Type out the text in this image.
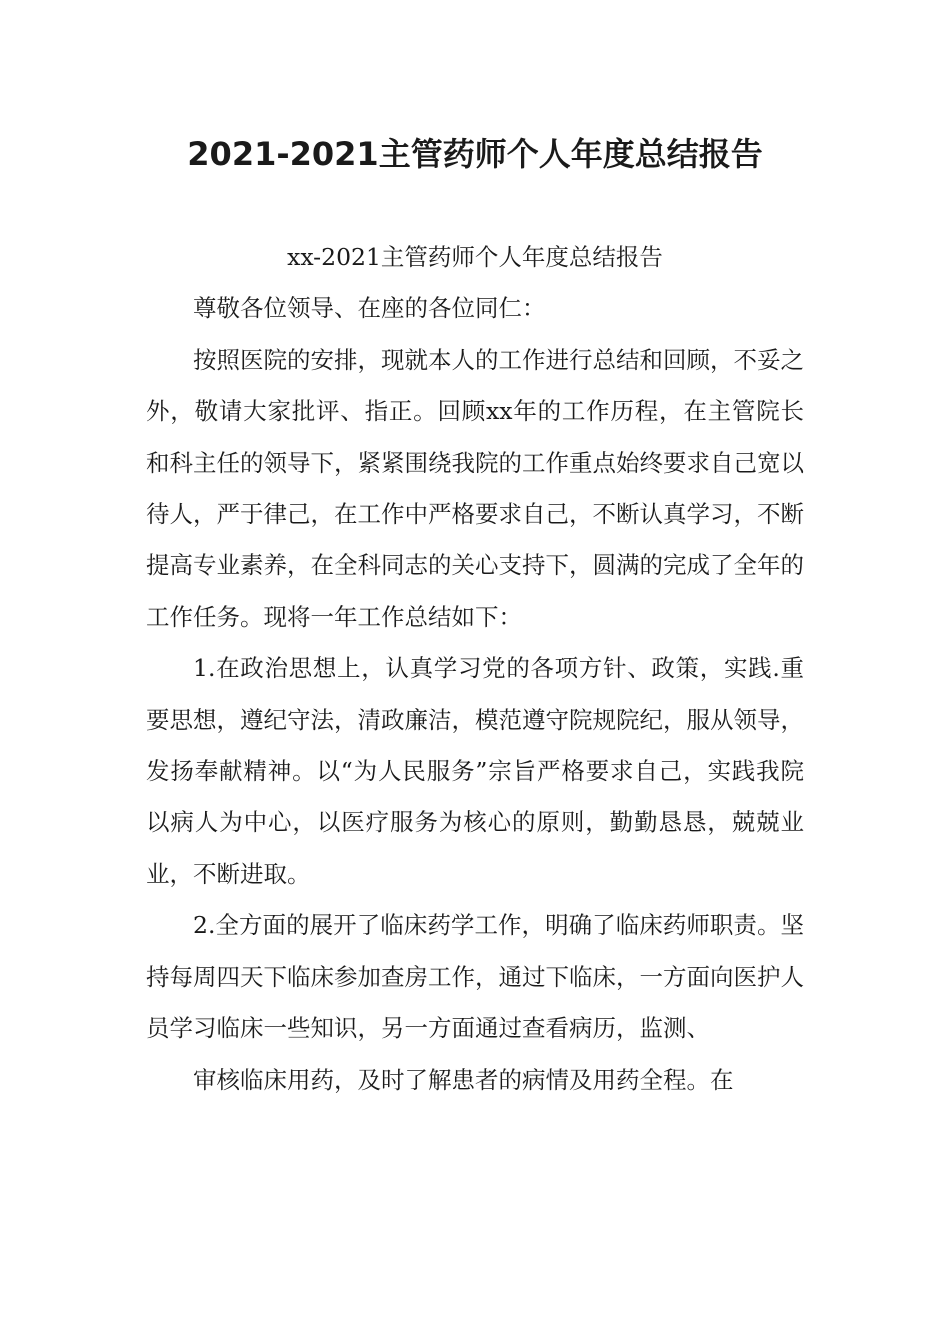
2021-2021主管药师个人年度总结报告

xx-2021主管药师个人年度总结报告

尊敬各位领导、在座的各位同仁：

按照医院的安排，现就本人的工作进行总结和回顾，不妥之外，敬请大家批评、指正。回顾xx年的工作历程，在主管院长和科主任的领导下，紧紧围绕我院的工作重点始终要求自己宽以待人，严于律己，在工作中严格要求自己，不断认真学习，不断提高专业素养，在全科同志的关心支持下，圆满的完成了全年的工作任务。现将一年工作总结如下：

1.在政治思想上，认真学习党的各项方针、政策，实践.重要思想，遵纪守法，清政廉洁，模范遵守院规院纪，服从领导，发扬奉献精神。以“为人民服务”宗旨严格要求自己，实践我院以病人为中心，以医疗服务为核心的原则，勤勤恳恳，兢兢业业，不断进取。

2.全方面的展开了临床药学工作，明确了临床药师职责。坚持每周四天下临床参加查房工作，通过下临床，一方面向医护人员学习临床一些知识，另一方面通过查看病历，监测、

审核临床用药，及时了解患者的病情及用药全程。在
